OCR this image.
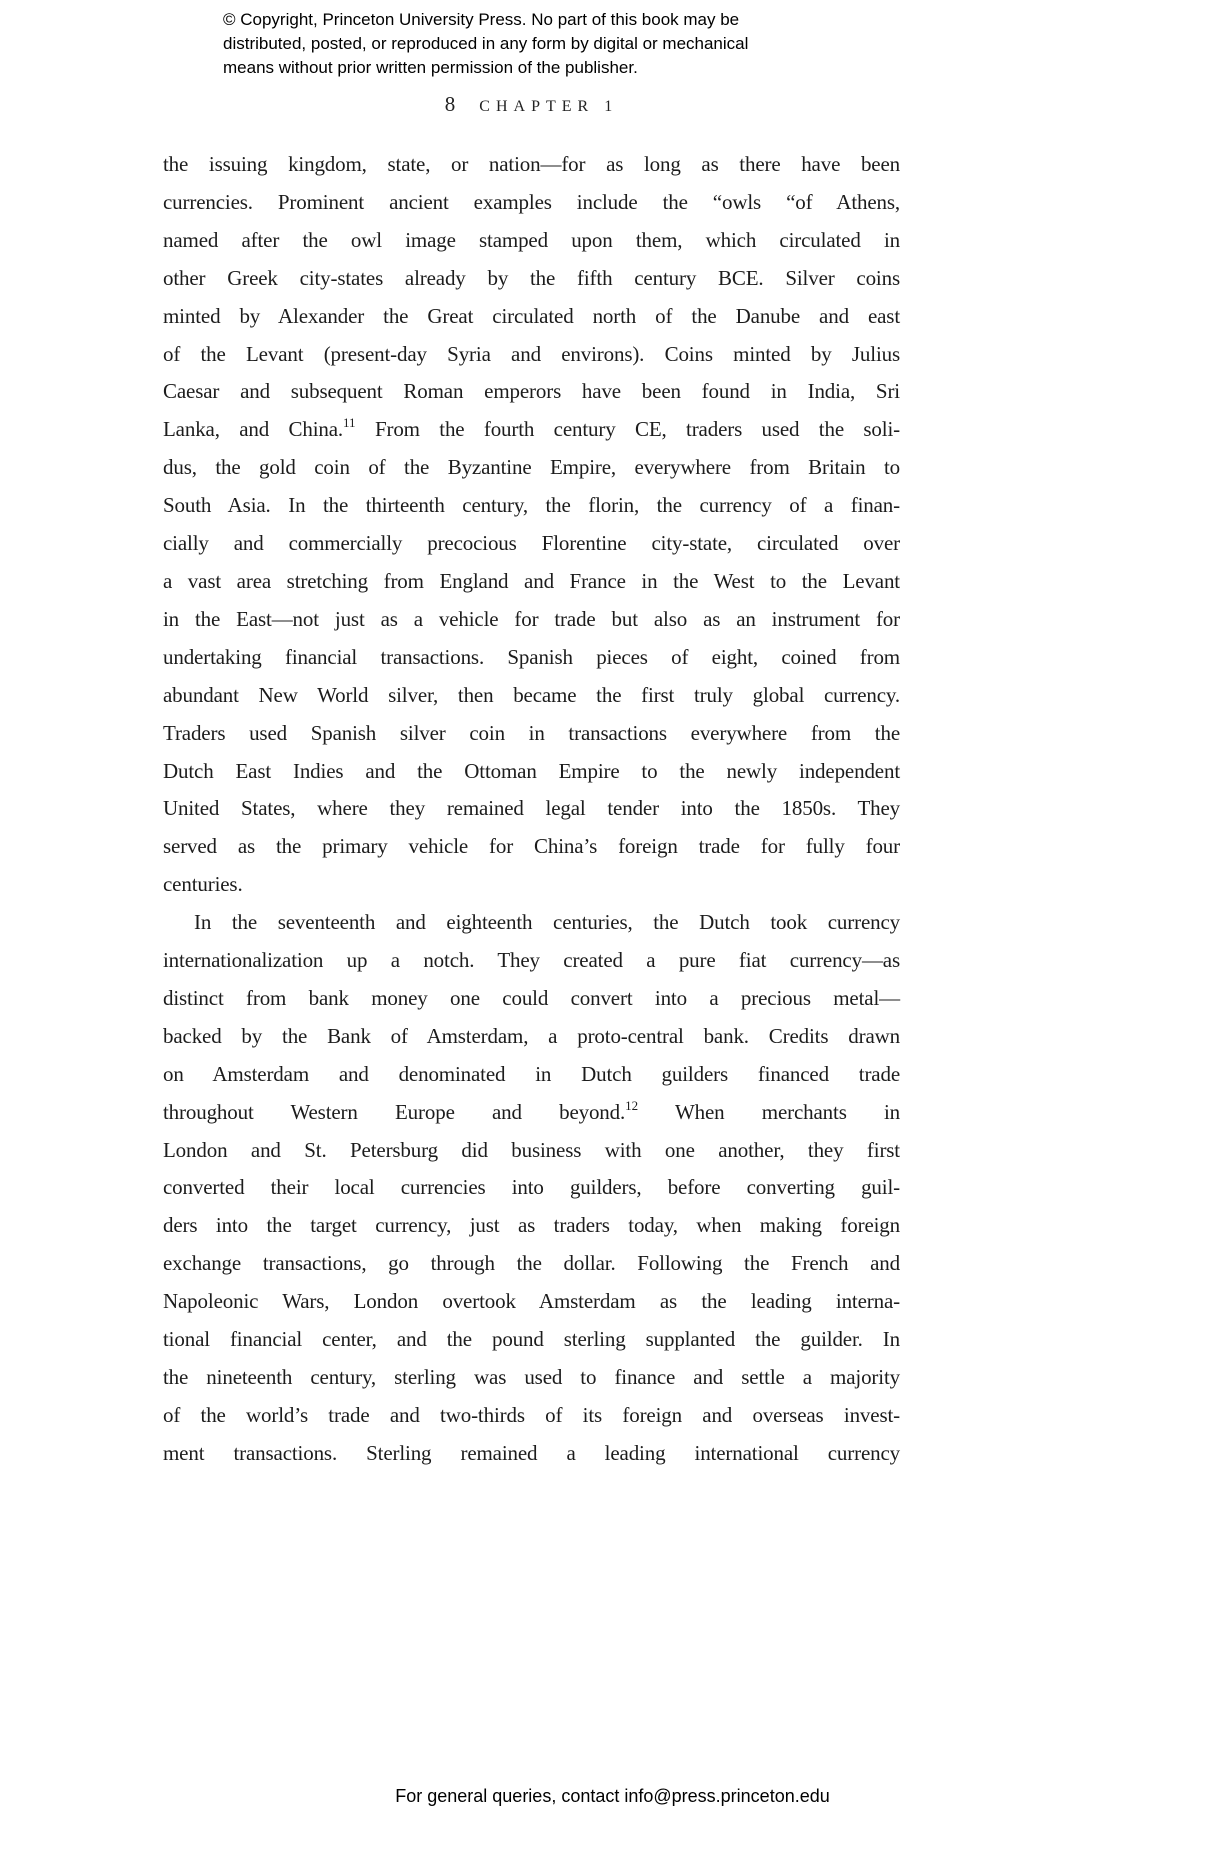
© Copyright, Princeton University Press. No part of this book may be
distributed, posted, or reproduced in any form by digital or mechanical
means without prior written permission of the publisher.
8 CHAPTER 1
the issuing kingdom, state, or nation—for as long as there have been
currencies. Prominent ancient examples include the “owls “of Athens,
named after the owl image stamped upon them, which circulated in
other Greek city-states already by the fifth century BCE. Silver coins
minted by Alexander the Great circulated north of the Danube and east
of the Levant (present-day Syria and environs). Coins minted by Julius
Caesar and subsequent Roman emperors have been found in India, Sri
Lanka, and China.$^{11}$ From the fourth century CE, traders used the soli-
dus, the gold coin of the Byzantine Empire, everywhere from Britain to
South Asia. In the thirteenth century, the florin, the currency of a finan-
cially and commercially precocious Florentine city-state, circulated over
a vast area stretching from England and France in the West to the Levant
in the East—not just as a vehicle for trade but also as an instrument for
undertaking financial transactions. Spanish pieces of eight, coined from
abundant New World silver, then became the first truly global currency.
Traders used Spanish silver coin in transactions everywhere from the
Dutch East Indies and the Ottoman Empire to the newly independent
United States, where they remained legal tender into the 1850s. They
served as the primary vehicle for China’s foreign trade for fully four
centuries.
In the seventeenth and eighteenth centuries, the Dutch took currency
internationalization up a notch. They created a pure fiat currency—as
distinct from bank money one could convert into a precious metal—
backed by the Bank of Amsterdam, a proto-central bank. Credits drawn
on Amsterdam and denominated in Dutch guilders financed trade
throughout Western Europe and beyond.$^{12}$ When merchants in
London and St. Petersburg did business with one another, they first
converted their local currencies into guilders, before converting guil-
ders into the target currency, just as traders today, when making foreign
exchange transactions, go through the dollar. Following the French and
Napoleonic Wars, London overtook Amsterdam as the leading interna-
tional financial center, and the pound sterling supplanted the guilder. In
the nineteenth century, sterling was used to finance and settle a majority
of the world’s trade and two-thirds of its foreign and overseas invest-
ment transactions. Sterling remained a leading international currency
For general queries, contact info@press.princeton.edu
